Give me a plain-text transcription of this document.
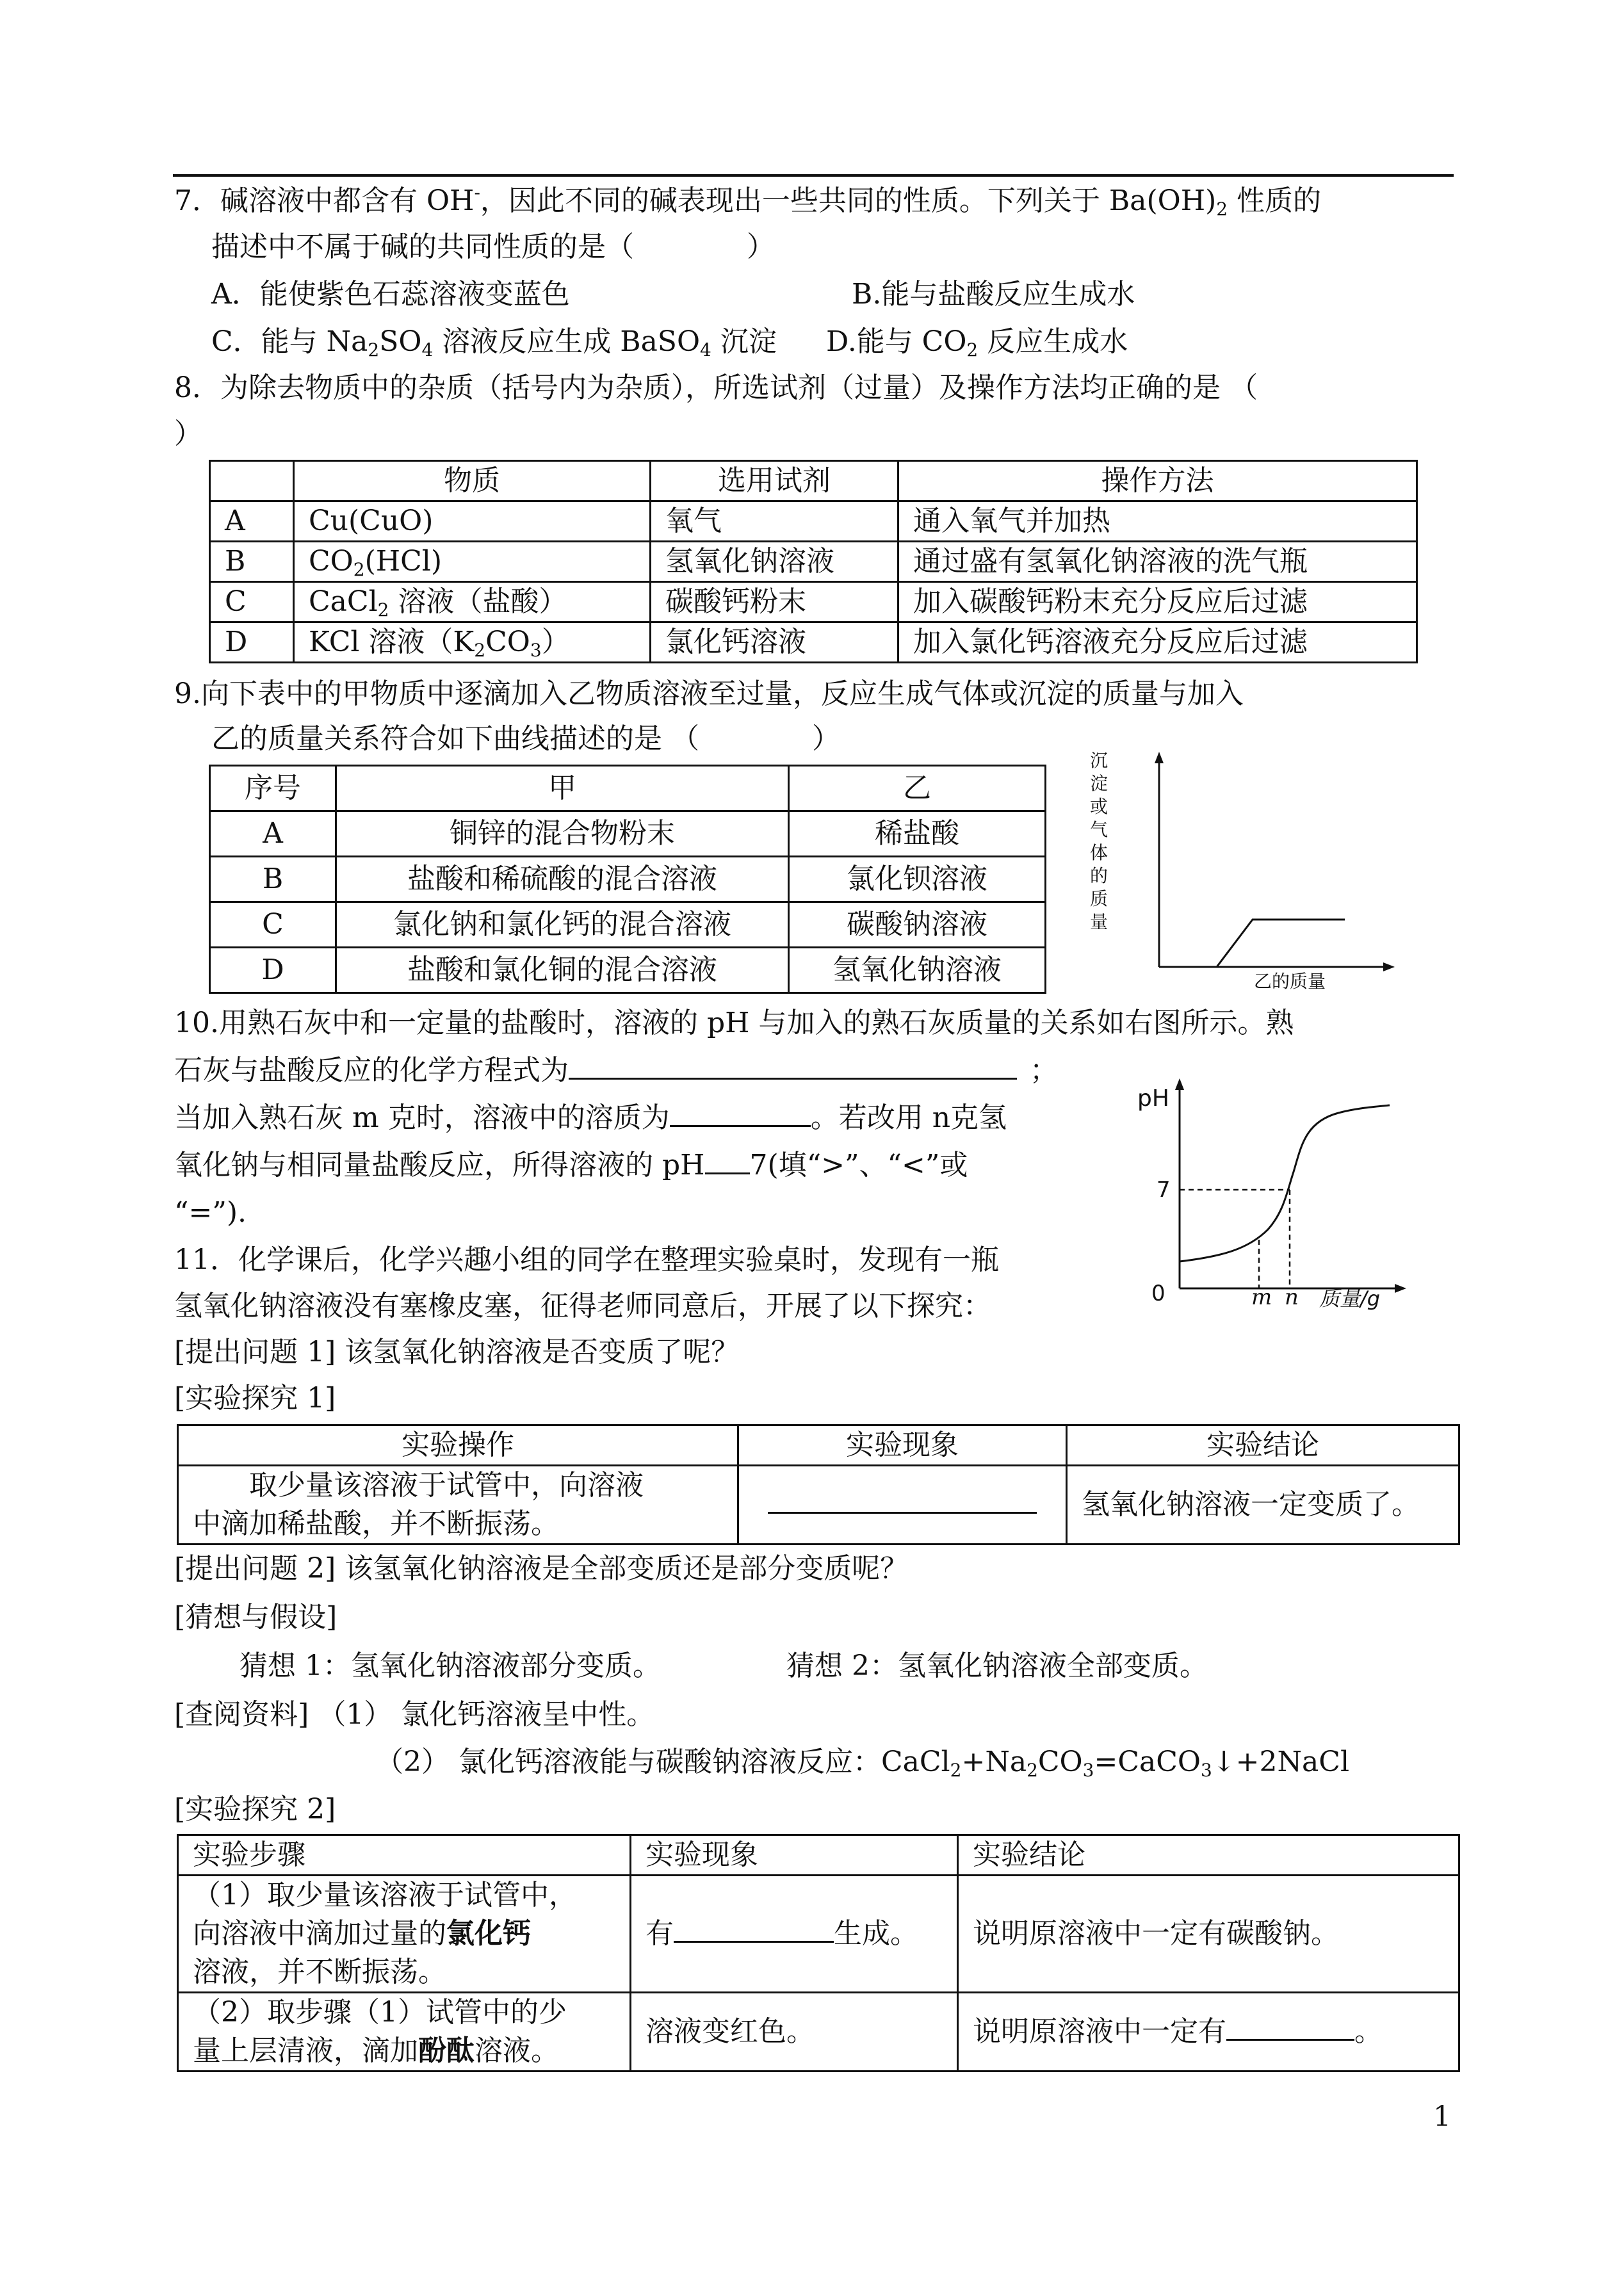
7．碱溶液中都含有 OH-，因此不同的碱表现出一些共同的性质。下列关于 $Ba(OH)_2$ 性质的
描述中不属于碱的共同性质的是（　　　　）
A．能使紫色石蕊溶液变蓝色	B.能与盐酸反应生成水
C．能与 $Na_2SO_4$ 溶液反应生成 BaSO$_4$ 沉淀 D.能与 $CO_2$ 反应生成水
8．为除去物质中的杂质（括号内为杂质），所选试剂（过量）及操作方法均正确的是 （
）
	物质	选用试剂	操作方法
A	Cu(CuO)	氧气	通入氧气并加热
B	$CO_2(HCl)$	氢氧化钠溶液	通过盛有氢氧化钠溶液的洗气瓶
C	CaCl$_2$ 溶液（盐酸）	碳酸钙粉末	加入碳酸钙粉末充分反应后过滤
D	KCl 溶液$(K_2CO_3)$	氯化钙溶液	加入氯化钙溶液充分反应后过滤
9.向下表中的甲物质中逐滴加入乙物质溶液至过量，反应生成气体或沉淀的质量与加入
乙的质量关系符合如下曲线描述的是 （　　　　）
序号	甲	乙
A	铜锌的混合物粉末	稀盐酸
B	盐酸和稀硫酸的混合溶液	氯化钡溶液
C	氯化钠和氯化钙的混合溶液	碳酸钠溶液
D	盐酸和氯化铜的混合溶液	氢氧化钠溶液
沉淀或气体的质量
乙的质量
10.用熟石灰中和一定量的盐酸时，溶液的 pH 与加入的熟石灰质量的关系如右图所示。熟
石灰与盐酸反应的化学方程式为	；
当加入熟石灰 m 克时，溶液中的溶质为	。若改用 n克氢
氧化钠与相同量盐酸反应，所得溶液的 pH 7(填“>”、“<”或
“=”).
pH
7
0	m n 质量/g
11．化学课后，化学兴趣小组的同学在整理实验桌时，发现有一瓶
氢氧化钠溶液没有塞橡皮塞，征得老师同意后，开展了以下探究：
[提出问题 1] 该氢氧化钠溶液是否变质了呢？
[实验探究 1]
实验操作	实验现象	实验结论

　　取少量该溶液于试管中，向溶液
中滴加稀盐酸，并不断振荡。		氢氧化钠溶液一定变质了。
[提出问题 2] 该氢氧化钠溶液是全部变质还是部分变质呢？
[猜想与假设]
猜想 1：氢氧化钠溶液部分变质。	猜想 2：氢氧化钠溶液全部变质。
[查阅资料] （1） 氯化钙溶液呈中性。
（2） 氯化钙溶液能与碳酸钠溶液反应：$CaCl_2+Na_2CO_3=CaCO_3↓+2NaCl$
[实验探究 2]
实验步骤	实验现象	实验结论

（1）取少量该溶液于试管中，
向溶液中滴加过量的氯化钙
溶液，并不断振荡。	有 生成。	说明原溶液中一定有碳酸钠。

（2）取步骤（1）试管中的少
量上层清液，滴加酚酞溶液。	溶液变红色。	说明原溶液中一定有 。
1
